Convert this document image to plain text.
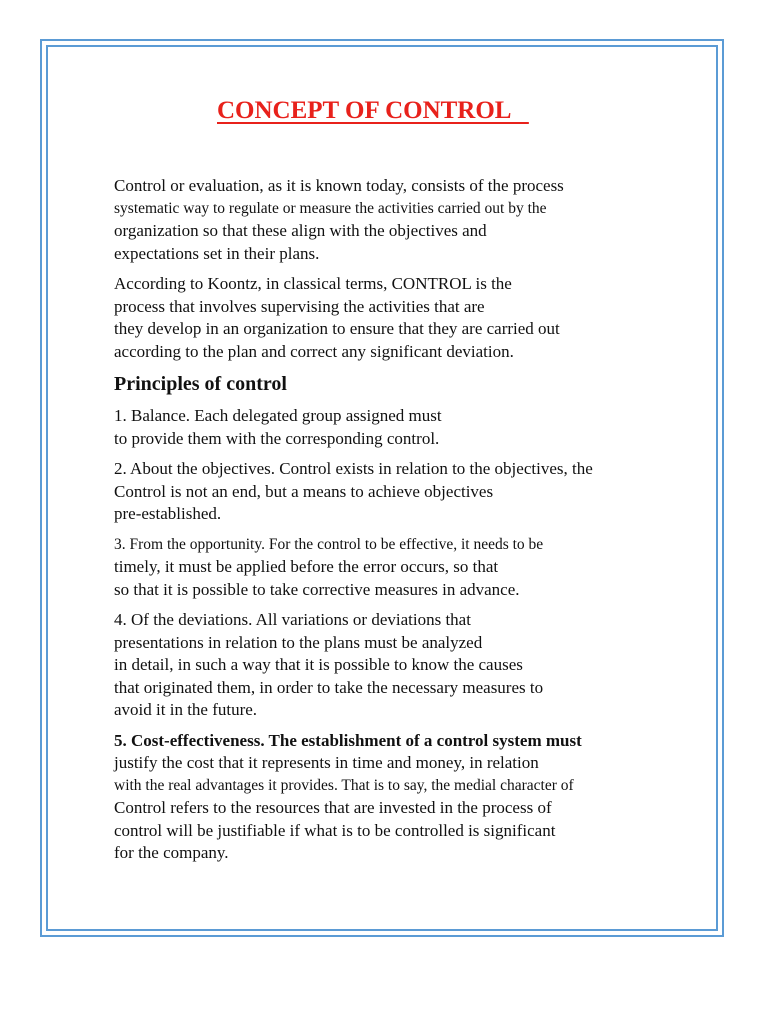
CONCEPT OF CONTROL

Control or evaluation, as it is known today, consists of the process
systematic way to regulate or measure the activities carried out by the
organization so that these align with the objectives and
expectations set in their plans.

According to Koontz, in classical terms, CONTROL is the
process that involves supervising the activities that are
they develop in an organization to ensure that they are carried out
according to the plan and correct any significant deviation.

Principles of control

1. Balance. Each delegated group assigned must
to provide them with the corresponding control.

2. About the objectives. Control exists in relation to the objectives, the
Control is not an end, but a means to achieve objectives
pre-established.

3. From the opportunity. For the control to be effective, it needs to be
timely, it must be applied before the error occurs, so that
so that it is possible to take corrective measures in advance.

4. Of the deviations. All variations or deviations that
presentations in relation to the plans must be analyzed
in detail, in such a way that it is possible to know the causes
that originated them, in order to take the necessary measures to
avoid it in the future.

5. Cost-effectiveness. The establishment of a control system must
justify the cost that it represents in time and money, in relation
with the real advantages it provides. That is to say, the medial character of
Control refers to the resources that are invested in the process of
control will be justifiable if what is to be controlled is significant
for the company.
